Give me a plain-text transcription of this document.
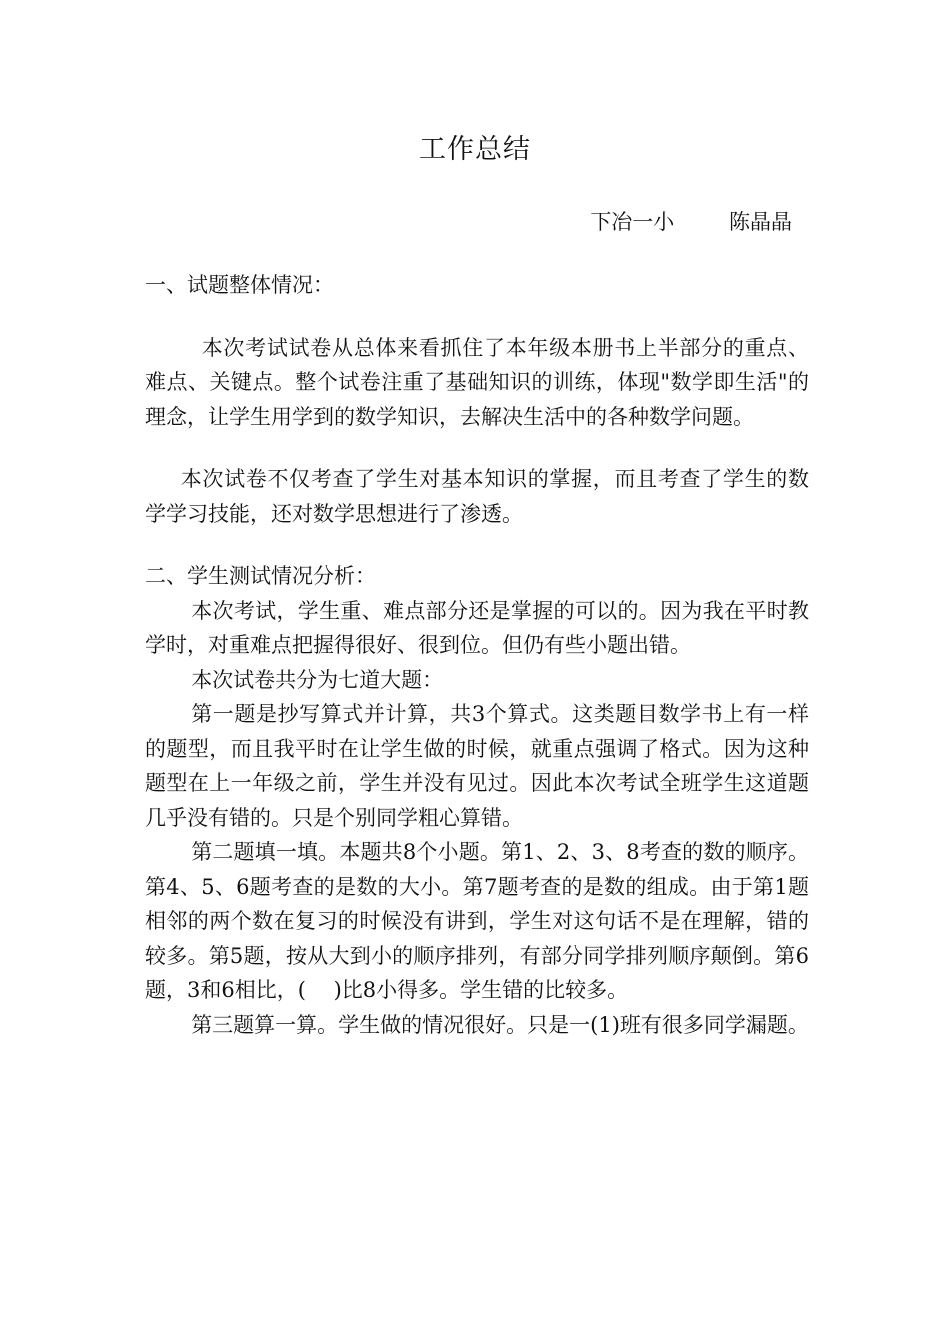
工作总结
下冶一小	陈晶晶

一、试题整体情况：

本次考试试卷从总体来看抓住了本年级本册书上半部分的重点、难点、关键点。整个试卷注重了基础知识的训练，体现"数学即生活"的理念，让学生用学到的数学知识，去解决生活中的各种数学问题。

本次试卷不仅考查了学生对基本知识的掌握，而且考查了学生的数学学习技能，还对数学思想进行了渗透。

二、学生测试情况分析：

本次考试，学生重、难点部分还是掌握的可以的。因为我在平时教学时，对重难点把握得很好、很到位。但仍有些小题出错。

本次试卷共分为七道大题：

第一题是抄写算式并计算，共3个算式。这类题目数学书上有一样的题型，而且我平时在让学生做的时候，就重点强调了格式。因为这种题型在上一年级之前，学生并没有见过。因此本次考试全班学生这道题几乎没有错的。只是个别同学粗心算错。

第二题填一填。本题共8个小题。第1、2、3、8考查的数的顺序。第4、5、6题考查的是数的大小。第7题考查的是数的组成。由于第1题相邻的两个数在复习的时候没有讲到，学生对这句话不是在理解，错的较多。第5题，按从大到小的顺序排列，有部分同学排列顺序颠倒。第6题，3和6相比，(　 )比8小得多。学生错的比较多。

第三题算一算。学生做的情况很好。只是一(1)班有很多同学漏题。
